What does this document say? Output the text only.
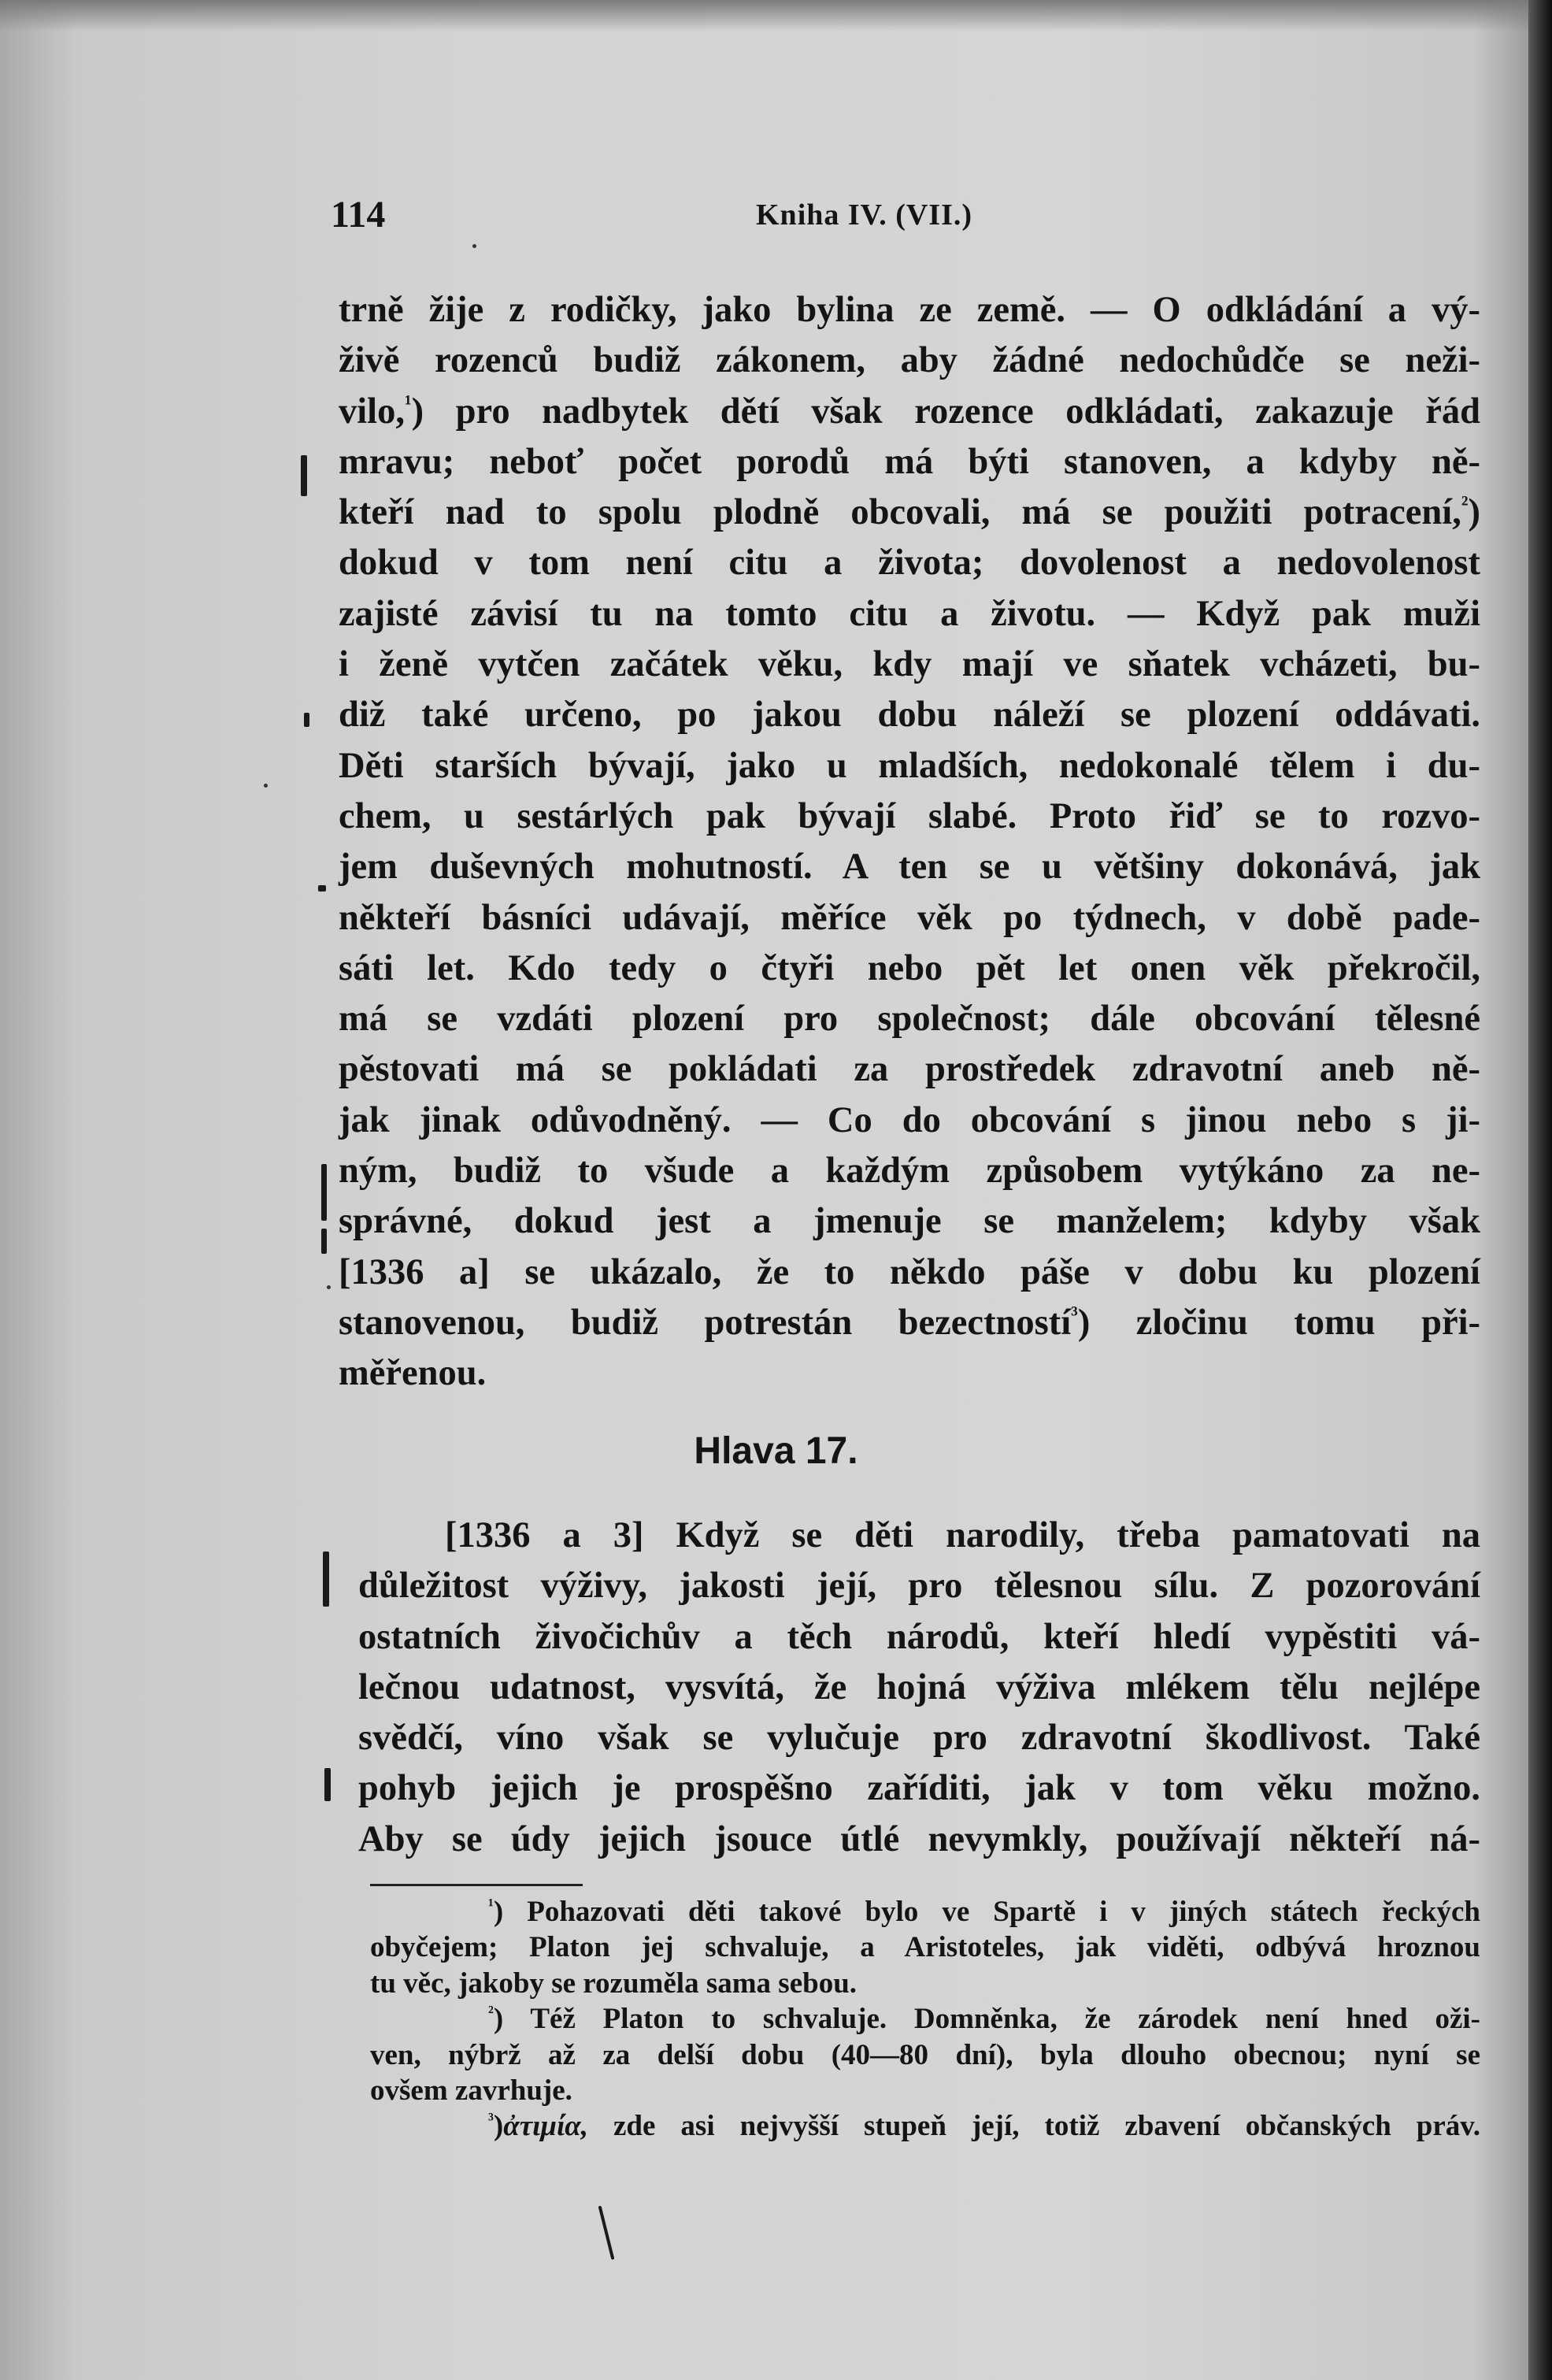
114	Kniha IV. (VII.)
trně žije z rodičky, jako bylina ze země. — O odkládání a vý-
živě rozenců budiž zákonem, aby žádné nedochůdče se neži-
vilo,$^{^1}$) pro nadbytek dětí však rozence odkládati, zakazuje řád
mravu; neboť počet porodů má býti stanoven, a kdyby ně-
kteří nad to spolu plodně obcovali, má se použiti potracení,$^{^2}$)
dokud v tom není citu a života; dovolenost a nedovolenost
zajisté závisí tu na tomto citu a životu. — Když pak muži
i ženě vytčen začátek věku, kdy mají ve sňatek vcházeti, bu-
diž také určeno, po jakou dobu náleží se plození oddávati.
Děti starších bývají, jako u mladších, nedokonalé tělem i du-
chem, u sestárlých pak bývají slabé. Proto řiď se to rozvo-
jem duševných mohutností. A ten se u většiny dokonává, jak
někteří básníci udávají, měříce věk po týdnech, v době pade-
sáti let. Kdo tedy o čtyři nebo pět let onen věk překročil,
má se vzdáti plození pro společnost; dále obcování tělesné
pěstovati má se pokládati za prostředek zdravotní aneb ně-
jak jinak odůvodněný. — Co do obcování s jinou nebo s ji-
ným, budiž to všude a každým způsobem vytýkáno za ne-
správné, dokud jest a jmenuje se manželem; kdyby však
[1336 a] se ukázalo, že to někdo páše v dobu ku plození
stanovenou, budiž potrestán bezectností$^{^3}$) zločinu tomu při-
měřenou.
Hlava 17.
[1336 a 3] Když se děti narodily, třeba pamatovati na
důležitost výživy, jakosti její, pro tělesnou sílu. Z pozorování
ostatních živočichův a těch národů, kteří hledí vypěstiti vá-
lečnou udatnost, vysvítá, že hojná výživa mlékem tělu nejlépe
svědčí, víno však se vylučuje pro zdravotní škodlivost. Také
pohyb jejich je prospěšno zaříditi, jak v tom věku možno.
Aby se údy jejich jsouce útlé nevymkly, používají někteří ná-
$^{^1}$) Pohazovati děti takové bylo ve Spartě i v jiných státech řeckých
obyčejem; Platon jej schvaluje, a Aristoteles, jak viděti, odbývá hroznou
tu věc, jakoby se rozuměla sama sebou.
$^{^2}$) Též Platon to schvaluje. Domněnka, že zárodek není hned oži-
ven, nýbrž až za delší dobu (40—80 dní), byla dlouho obecnou; nyní se
ovšem zavrhuje.
$^{^3}$)ἀτιμία, zde asi nejvyšší stupeň její, totiž zbavení občanských práv.
